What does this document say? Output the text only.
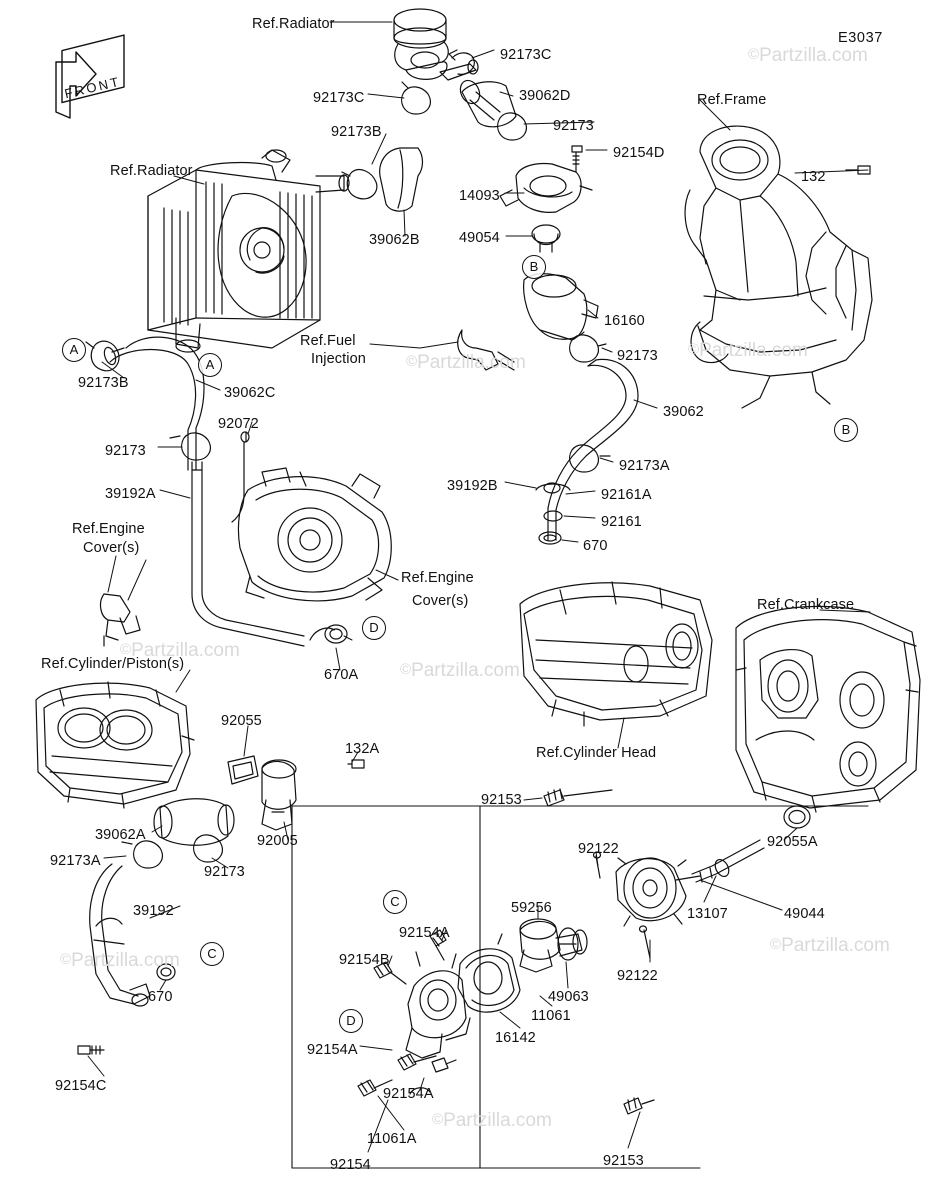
E3037
FRONT
Ref.Radiator
92173C
92173C	39062D
92173
92173B
92154D
Ref.Frame
132
Ref.Radiator
14093
49054
39062B
16160
92173
Ref.Fuel
Injection
92173B
39062C
39062
92072
92173
92173A
39192A	39192B
92161A
92161
670
Ref.Engine
Cover(s)
Ref.Engine
Cover(s)	Ref.Crankcase
670A
Ref.Cylinder/Piston(s)
Ref.Cylinder Head
92055
132A
92153
92055A
92122
39062A	92005
92173A
92173
13107	49044
59256
39192
92154A
92154B
92122
670	49063
11061
16142
92154A
92154C	92154A
11061A
92154	92153
B
A
A
B
D
C
C
D
©Partzilla.com
©Partzilla.com
©Partzilla.com
©Partzilla.com
©Partzilla.com
©Partzilla.com
©Partzilla.com
©Partzilla.com
